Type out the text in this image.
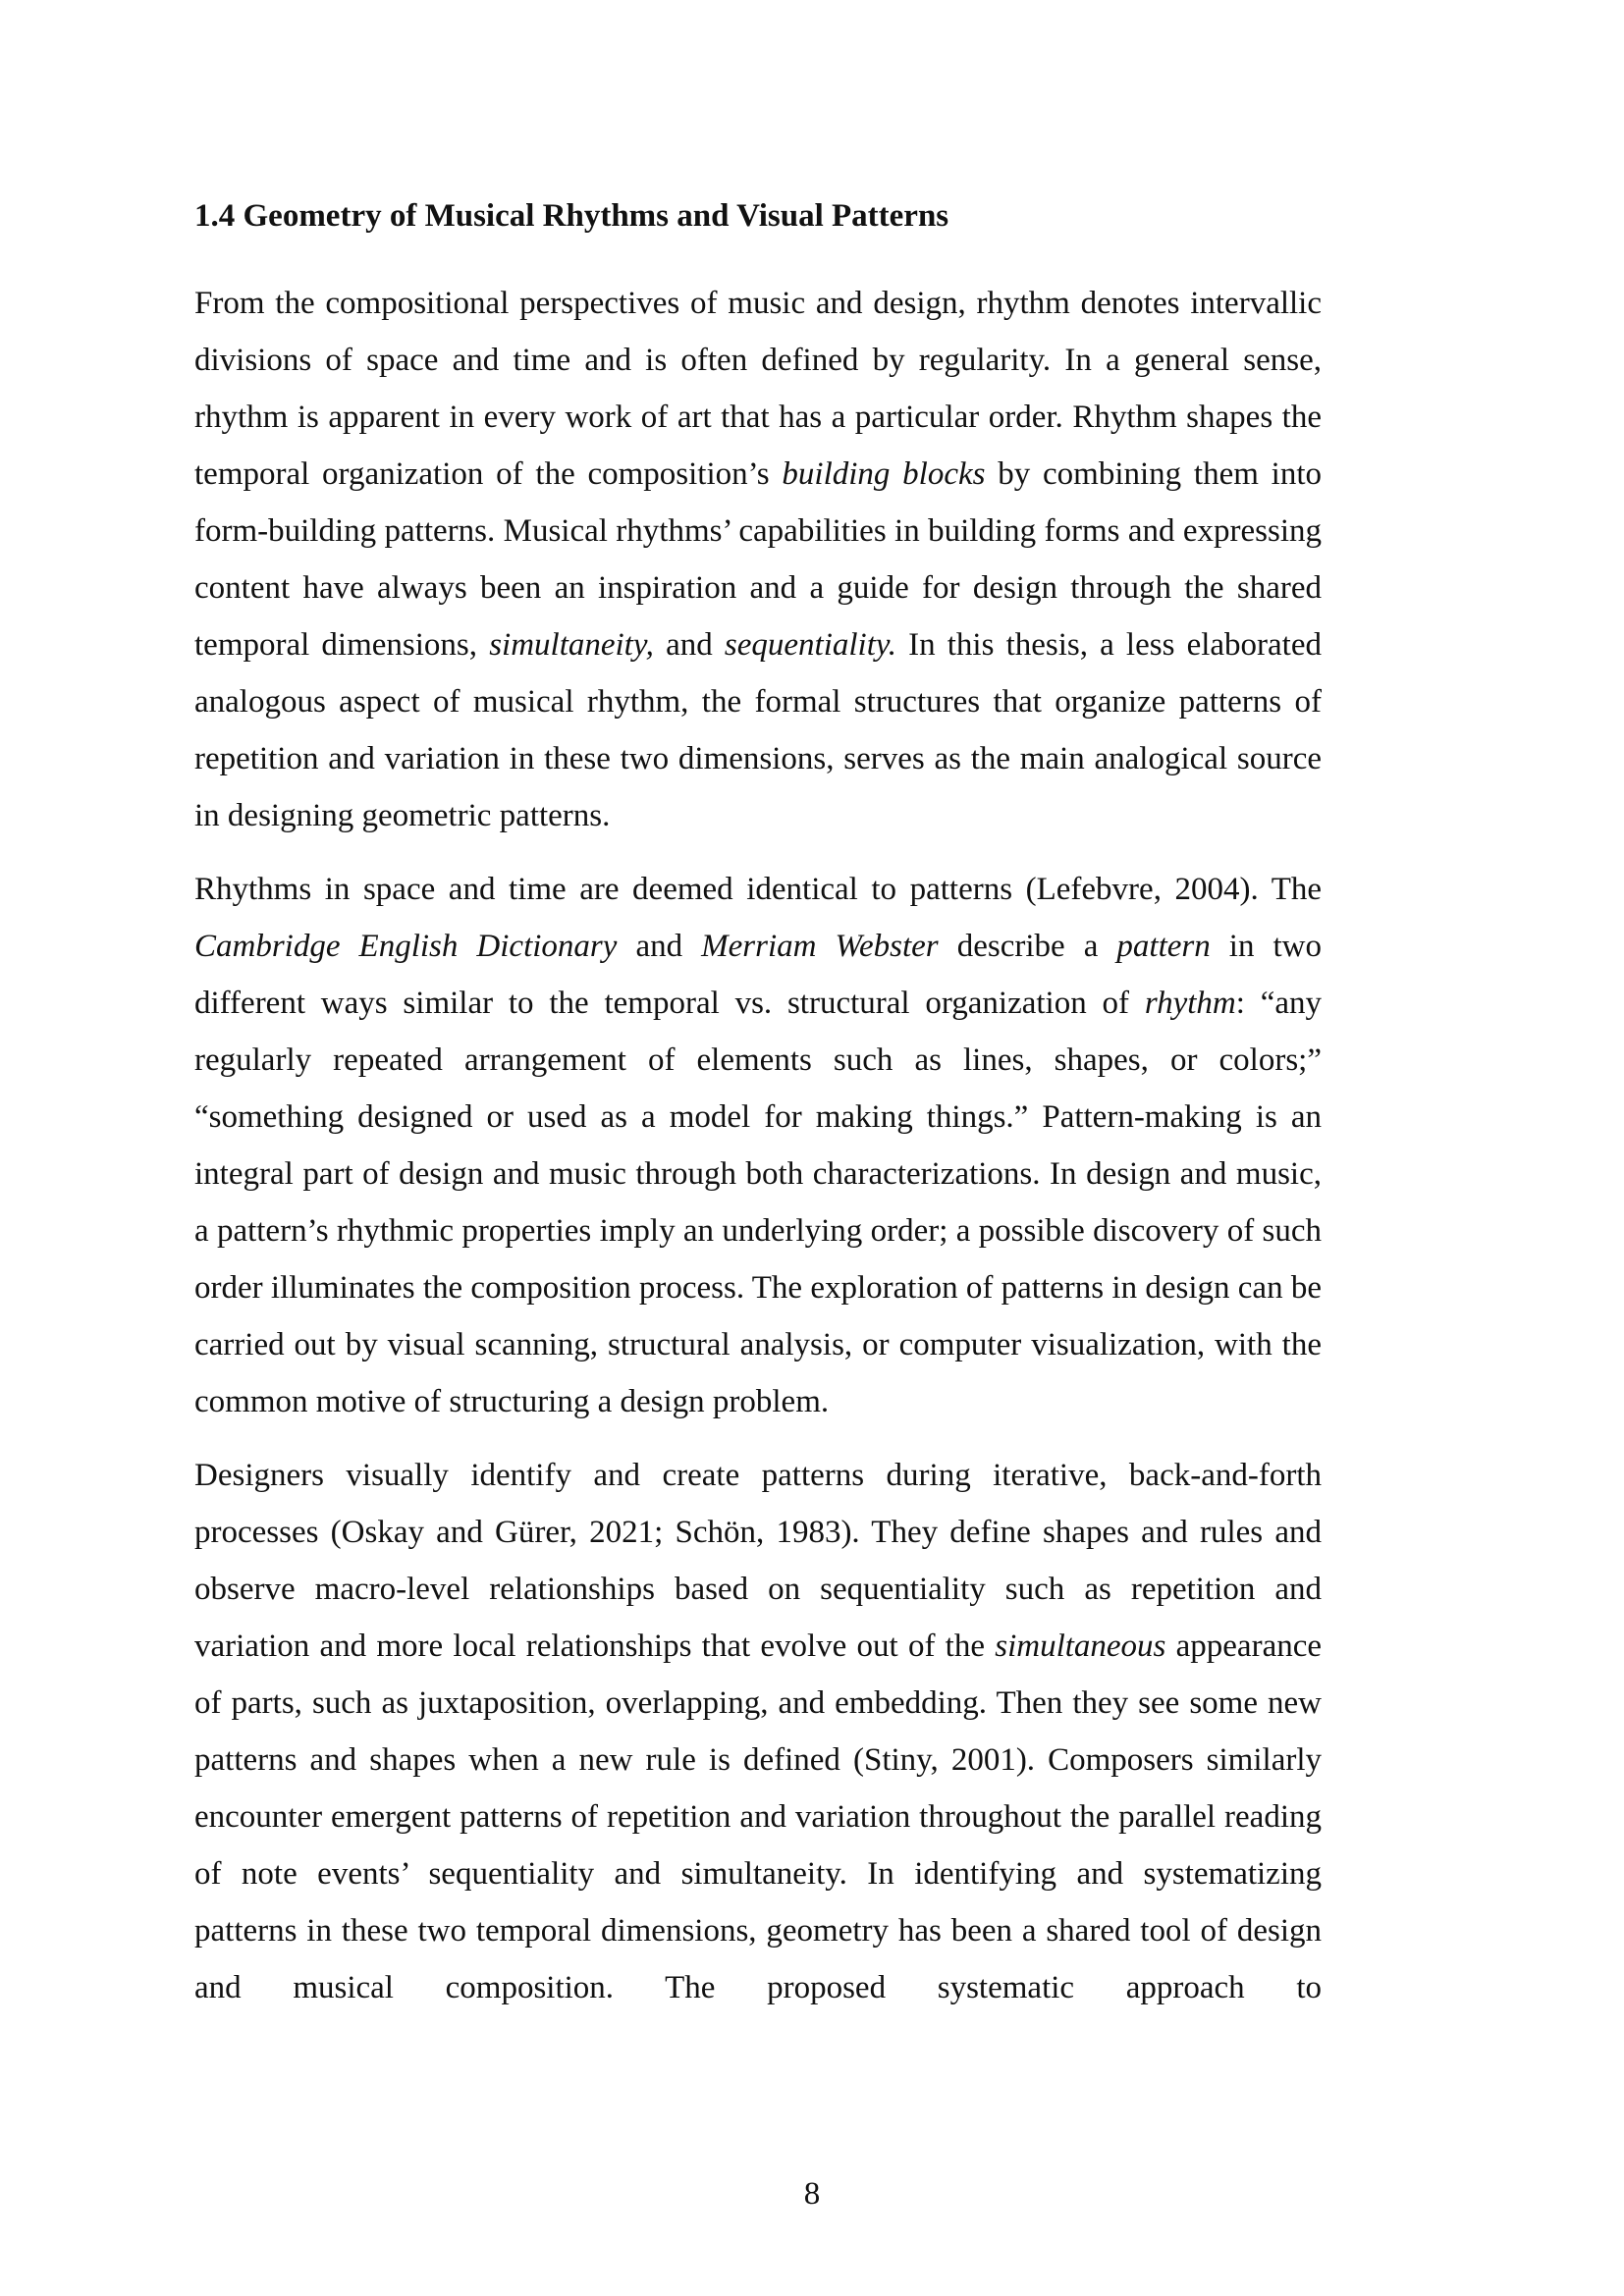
1.4 Geometry of Musical Rhythms and Visual Patterns

From the compositional perspectives of music and design, rhythm denotes intervallic divisions of space and time and is often defined by regularity. In a general sense, rhythm is apparent in every work of art that has a particular order. Rhythm shapes the temporal organization of the composition’s building blocks by combining them into form-building patterns. Musical rhythms’ capabilities in building forms and expressing content have always been an inspiration and a guide for design through the shared temporal dimensions, simultaneity, and sequentiality. In this thesis, a less elaborated analogous aspect of musical rhythm, the formal structures that organize patterns of repetition and variation in these two dimensions, serves as the main analogical source in designing geometric patterns.

Rhythms in space and time are deemed identical to patterns (Lefebvre, 2004). The Cambridge English Dictionary and Merriam Webster describe a pattern in two different ways similar to the temporal vs. structural organization of rhythm: “any regularly repeated arrangement of elements such as lines, shapes, or colors;” “something designed or used as a model for making things.” Pattern-making is an integral part of design and music through both characterizations. In design and music, a pattern’s rhythmic properties imply an underlying order; a possible discovery of such order illuminates the composition process. The exploration of patterns in design can be carried out by visual scanning, structural analysis, or computer visualization, with the common motive of structuring a design problem.

Designers visually identify and create patterns during iterative, back-and-forth processes (Oskay and Gürer, 2021; Schön, 1983). They define shapes and rules and observe macro-level relationships based on sequentiality such as repetition and variation and more local relationships that evolve out of the simultaneous appearance of parts, such as juxtaposition, overlapping, and embedding. Then they see some new patterns and shapes when a new rule is defined (Stiny, 2001). Composers similarly encounter emergent patterns of repetition and variation throughout the parallel reading of note events’ sequentiality and simultaneity. In identifying and systematizing patterns in these two temporal dimensions, geometry has been a shared tool of design and musical composition. The proposed systematic approach to

8
